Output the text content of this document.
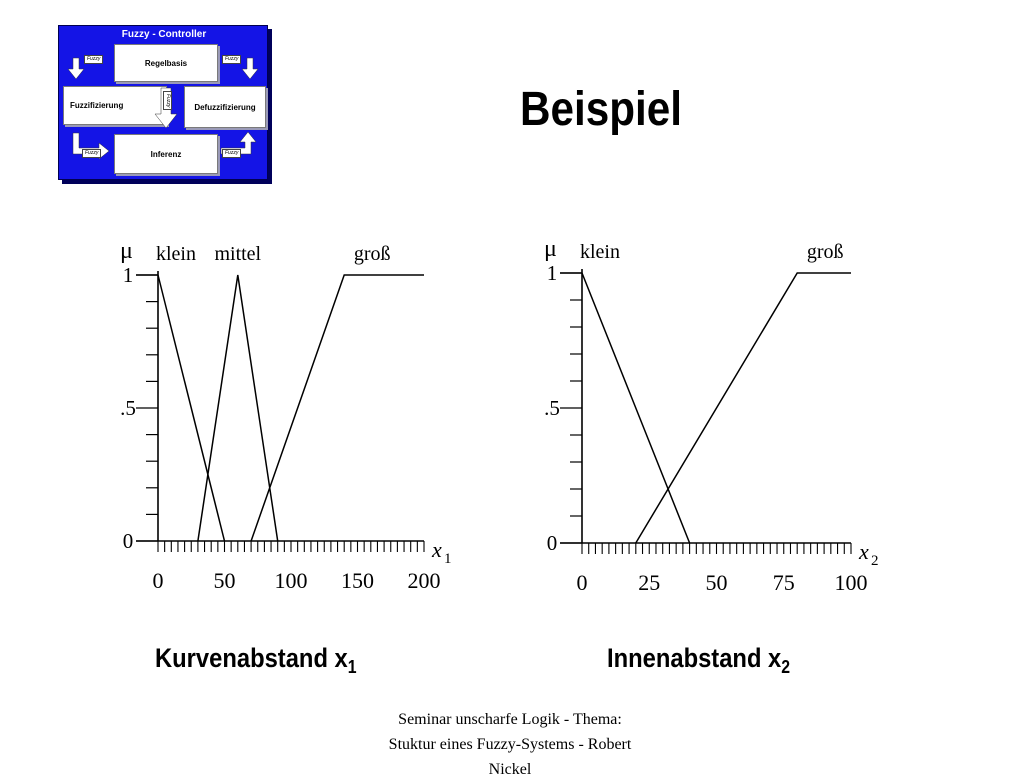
Fuzzy - Controller
Regelbasis
Fuzzifizierung	Defuzzifizierung
Inferenz
Fuzzy	Fuzzy
Fuzzy
Fuzzy	Fuzzy
Beispiel
0
.5
1
0 50 100 150 200
μ
x 1
klein mittel	groß
0
.5
1
0 25 50 75 100
μ
x 2
klein	groß
Kurvenabstand $x_1$	Innenabstand $x_2$
Seminar unscharfe Logik - Thema:
Stuktur eines Fuzzy-Systems - Robert
Nickel
